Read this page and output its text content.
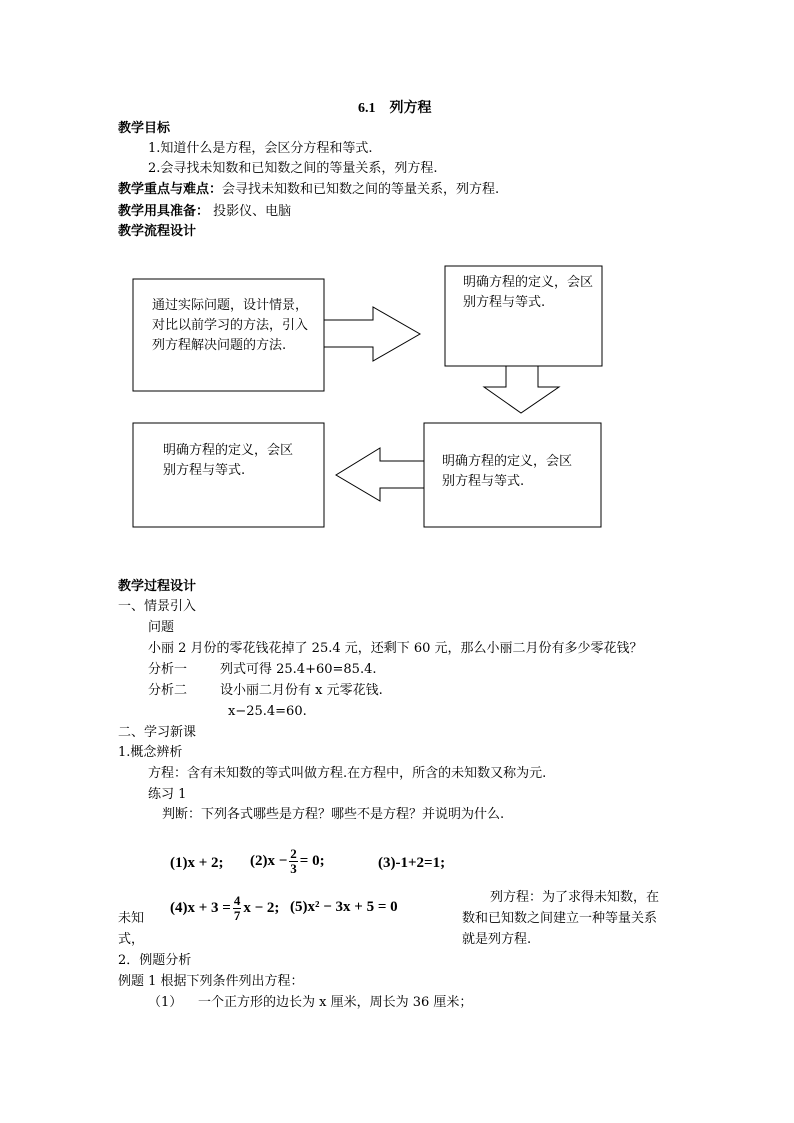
6.1　列方程
教学目标
1.知道什么是方程，会区分方程和等式.
2.会寻找未知数和已知数之间的等量关系，列方程.
教学重点与难点：会寻找未知数和已知数之间的等量关系，列方程.
教学用具准备： 投影仪、电脑
教学流程设计
通过实际问题，设计情景，对比以前学习的方法，引入列方程解决问题的方法.
明确方程的定义，会区别方程与等式.
明确方程的定义，会区别方程与等式.
明确方程的定义，会区别方程与等式.
教学过程设计
一、情景引入
问题
小丽 2 月份的零花钱花掉了 25.4 元，还剩下 60 元，那么小丽二月份有多少零花钱？
分析一	列式可得 25.4+60=85.4.
分析二	设小丽二月份有 x 元零花钱.
x−25.4=60.
二、学习新课
1.概念辨析
方程：含有未知数的等式叫做方程.在方程中，所含的未知数又称为元.
练习 1
判断：下列各式哪些是方程？哪些不是方程？并说明为什么.
(1)x + 2; $(2)x - \frac{2}{3} = 0$;	(3)-1+2=1;
$(4)x + 3 = \frac{4}{7}$ x − 2; (5)x² − 3x + 5 = 0
未知
式，
列方程：为了求得未知数，在
数和已知数之间建立一种等量关系
就是列方程.
2．例题分析
例题 1 根据下列条件列出方程：
（1） 一个正方形的边长为 x 厘米，周长为 36 厘米；
